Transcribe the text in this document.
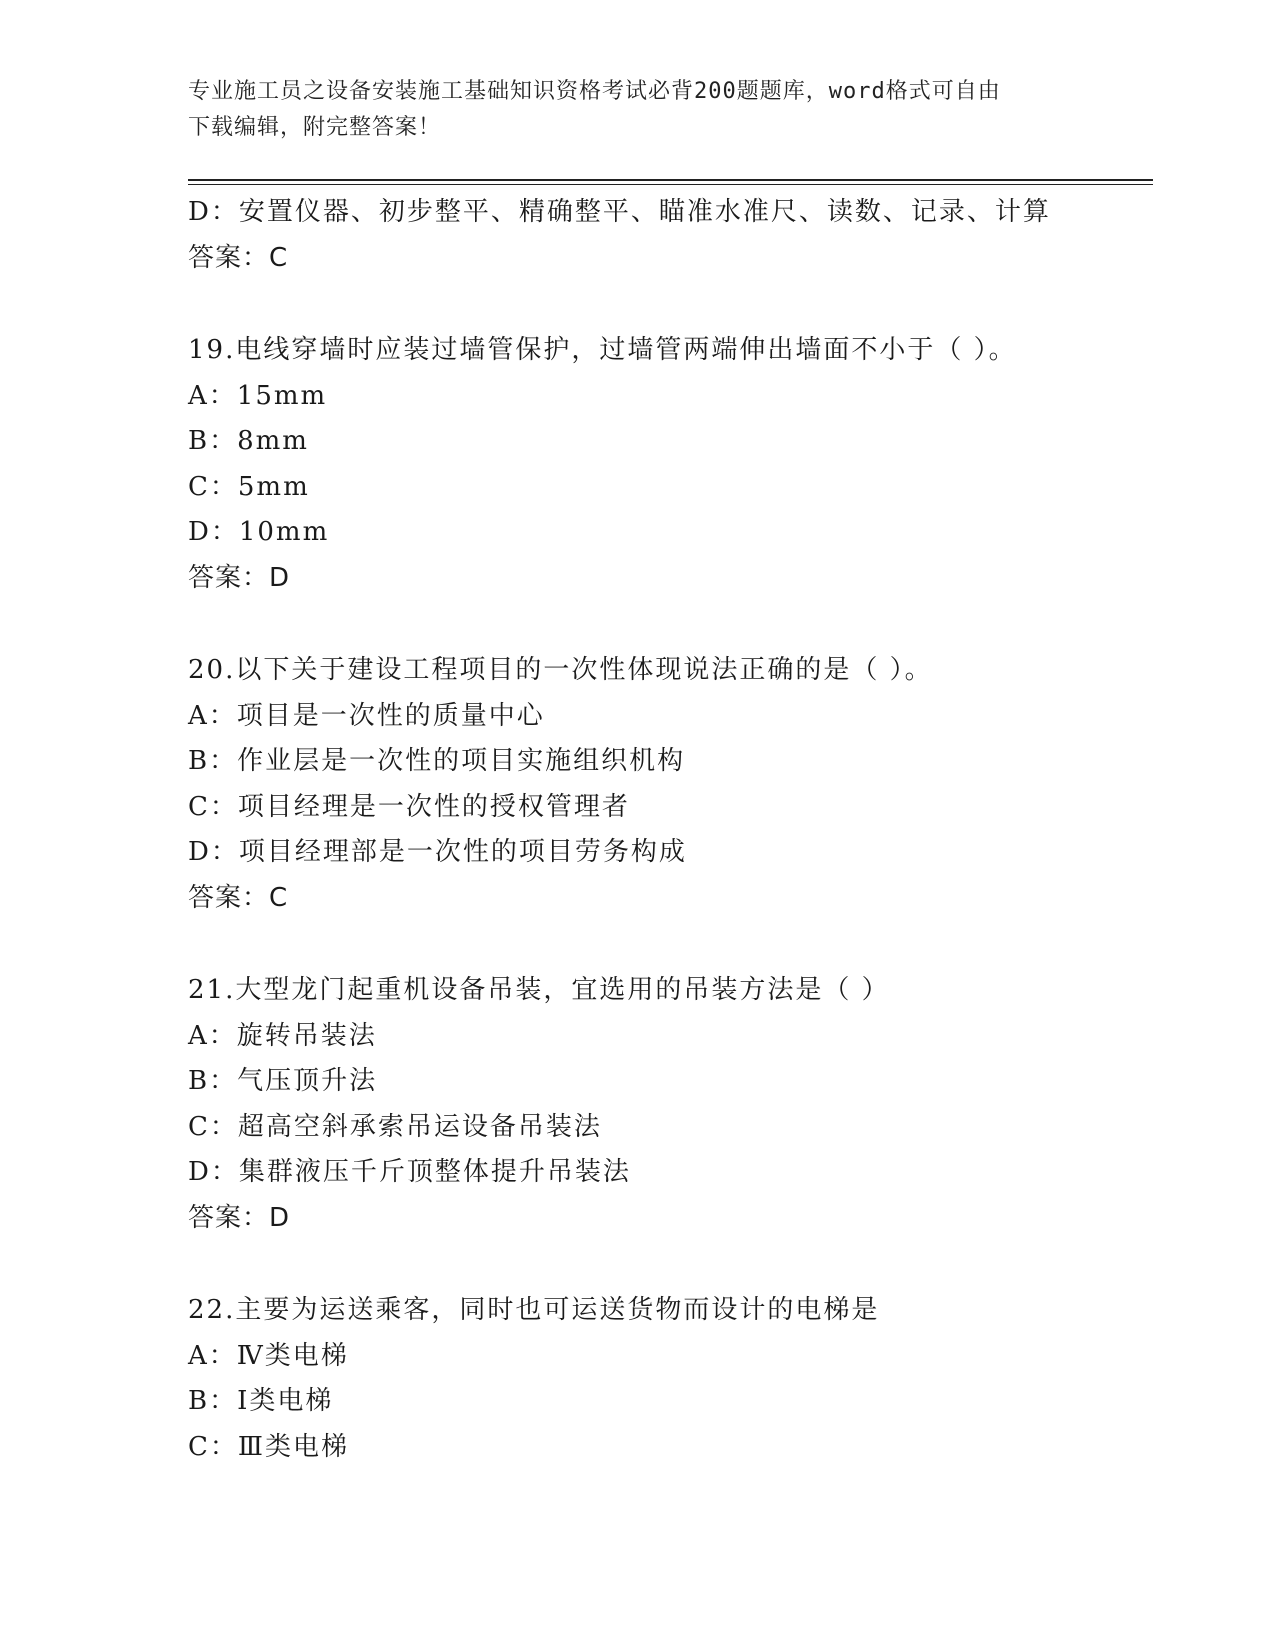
专业施工员之设备安装施工基础知识资格考试必背200题题库，word格式可自由
下载编辑，附完整答案！
D：安置仪器、初步整平、精确整平、瞄准水准尺、读数、记录、计算
答案：C
19.电线穿墙时应装过墙管保护，过墙管两端伸出墙面不小于（ ）。
A：15mm
B：8mm
C：5mm
D：10mm
答案：D
20.以下关于建设工程项目的一次性体现说法正确的是（ ）。
A：项目是一次性的质量中心
B：作业层是一次性的项目实施组织机构
C：项目经理是一次性的授权管理者
D：项目经理部是一次性的项目劳务构成
答案：C
21.大型龙门起重机设备吊装，宜选用的吊装方法是（ ）
A：旋转吊装法
B：气压顶升法
C：超高空斜承索吊运设备吊装法
D：集群液压千斤顶整体提升吊装法
答案：D
22.主要为运送乘客，同时也可运送货物而设计的电梯是
A：Ⅳ类电梯
B：Ⅰ类电梯
C：Ⅲ类电梯
